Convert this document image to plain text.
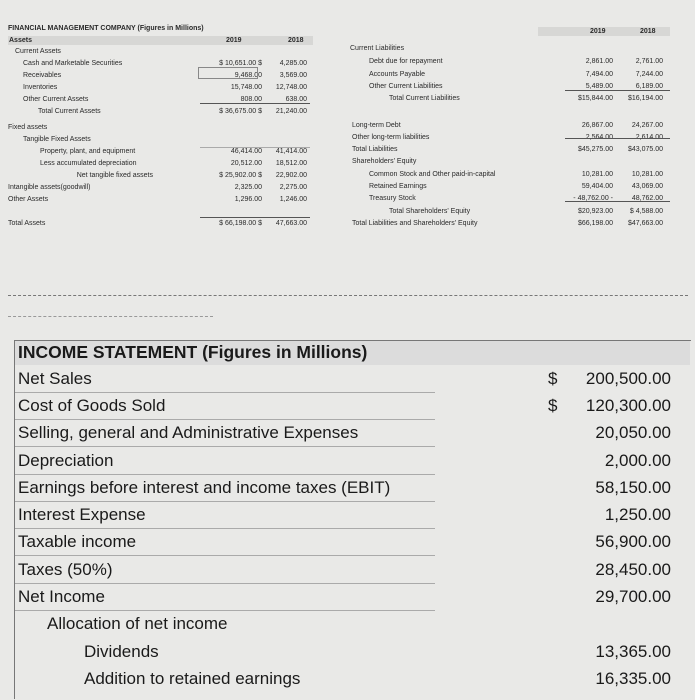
FINANCIAL MANAGEMENT COMPANY (Figures in Millions)
Assets	2019	2018
Current Assets
Cash and Marketable Securities	$ 10,651.00 $	4,285.00
Receivables	9,468.00	3,569.00
Inventories	15,748.00 12,748.00
Other Current Assets	808.00	638.00
Total Current Assets	$ 36,675.00 $ 21,240.00
Fixed assets
Tangible Fixed Assets
Property, plant, and equipment	46,414.00 41,414.00
Less accumulated depreciation	20,512.00 18,512.00
Net tangible fixed assets	$ 25,902.00 $ 22,902.00
Intangible assets(goodwill)	2,325.00	2,275.00
Other Assets	1,296.00	1,246.00
Total Assets	$ 66,198.00 $ 47,663.00
2019	2018
Current Liabilities
Debt due for repayment	2,861.00	2,761.00
Accounts Payable	7,494.00	7,244.00
Other Current Liabilities	5,489.00	6,189.00
Total Current Liabilities	$15,844.00 $16,194.00
Long-term Debt	26,867.00	24,267.00
Other long-term liabilities	2,564.00	2,614.00
Total Liabilities	$45,275.00 $43,075.00
Shareholders' Equity
Common Stock and Other paid-in-capital	10,281.00	10,281.00
Retained Earnings	59,404.00	43,069.00
Treasury Stock	- 48,762.00 -	48,762.00
Total Shareholders' Equity	$20,923.00 $ 4,588.00
Total Liabilities and Shareholders' Equity	$66,198.00 $47,663.00
INCOME STATEMENT (Figures in Millions)
Net Sales	$ 200,500.00
Cost of Goods Sold	$ 120,300.00
Selling, general and Administrative Expenses	20,050.00
Depreciation	2,000.00
Earnings before interest and income taxes (EBIT)	58,150.00
Interest Expense	1,250.00
Taxable income	56,900.00
Taxes (50%)	28,450.00
Net Income	29,700.00
Allocation of net income
Dividends	13,365.00
Addition to retained earnings	16,335.00
